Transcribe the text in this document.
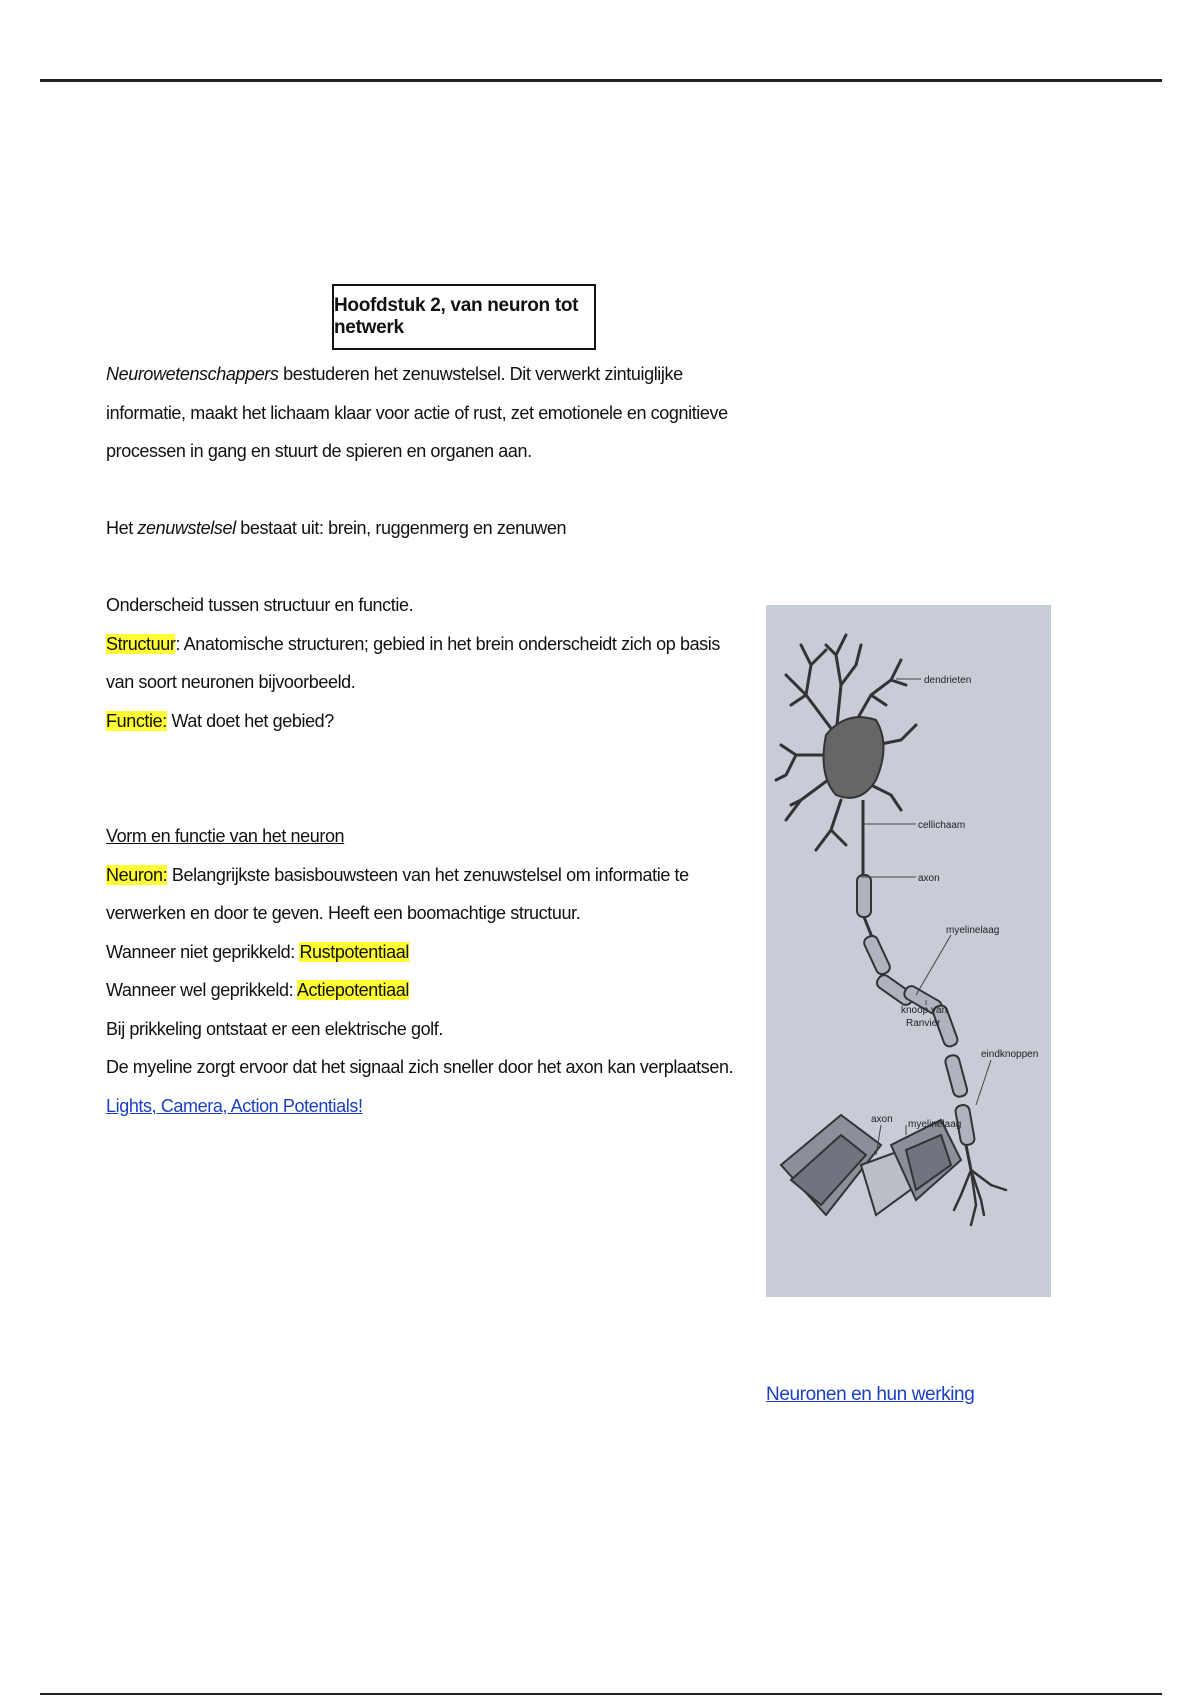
Hoofdstuk 2, van neuron tot netwerk

Neurowetenschappers bestuderen het zenuwstelsel. Dit verwerkt zintuiglijke informatie, maakt het lichaam klaar voor actie of rust, zet emotionele en cognitieve processen in gang en stuurt de spieren en organen aan.

Het zenuwstelsel bestaat uit: brein, ruggenmerg en zenuwen

Onderscheid tussen structuur en functie.

Structuur: Anatomische structuren; gebied in het brein onderscheidt zich op basis van soort neuronen bijvoorbeeld.

Functie: Wat doet het gebied?

Vorm en functie van het neuron

Neuron: Belangrijkste basisbouwsteen van het zenuwstelsel om informatie te verwerken en door te geven. Heeft een boomachtige structuur.

Wanneer niet geprikkeld: Rustpotentiaal

Wanneer wel geprikkeld: Actiepotentiaal

Bij prikkeling ontstaat er een elektrische golf.

De myeline zorgt ervoor dat het signaal zich sneller door het axon kan verplaatsen.

Lights, Camera, Action Potentials!

dendrieten
cellichaam
axon
myelinelaag
knoop van
Ranvier
eindknoppen
axon myelinelaag
Neuronen en hun werking
